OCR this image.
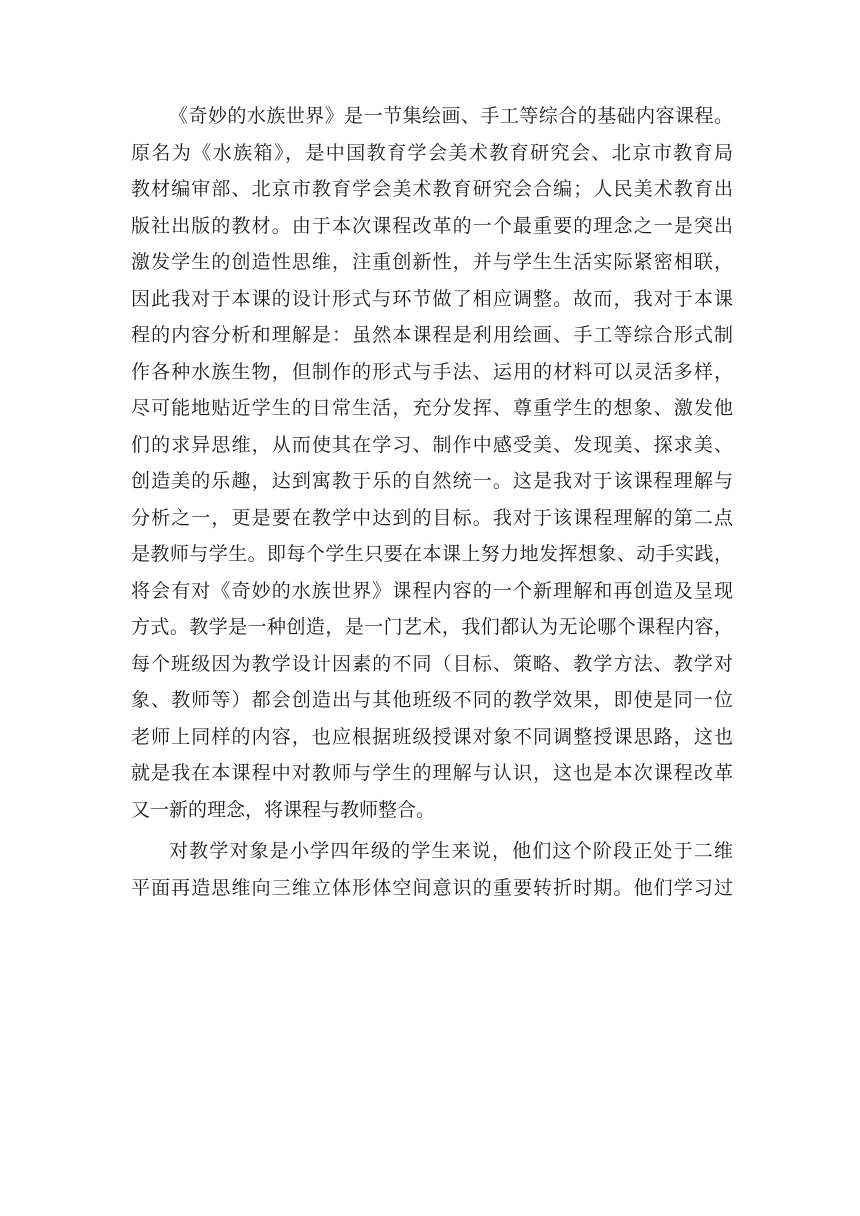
《奇妙的水族世界》是一节集绘画、手工等综合的基础内容课程。
原名为《水族箱》，是中国教育学会美术教育研究会、北京市教育局
教材编审部、北京市教育学会美术教育研究会合编；人民美术教育出
版社出版的教材。由于本次课程改革的一个最重要的理念之一是突出
激发学生的创造性思维，注重创新性，并与学生生活实际紧密相联，
因此我对于本课的设计形式与环节做了相应调整。故而，我对于本课
程的内容分析和理解是：虽然本课程是利用绘画、手工等综合形式制
作各种水族生物，但制作的形式与手法、运用的材料可以灵活多样，
尽可能地贴近学生的日常生活，充分发挥、尊重学生的想象、激发他
们的求异思维，从而使其在学习、制作中感受美、发现美、探求美、
创造美的乐趣，达到寓教于乐的自然统一。这是我对于该课程理解与
分析之一，更是要在教学中达到的目标。我对于该课程理解的第二点
是教师与学生。即每个学生只要在本课上努力地发挥想象、动手实践，
将会有对《奇妙的水族世界》课程内容的一个新理解和再创造及呈现
方式。教学是一种创造，是一门艺术，我们都认为无论哪个课程内容，
每个班级因为教学设计因素的不同（目标、策略、教学方法、教学对
象、教师等）都会创造出与其他班级不同的教学效果，即使是同一位
老师上同样的内容，也应根据班级授课对象不同调整授课思路，这也
就是我在本课程中对教师与学生的理解与认识，这也是本次课程改革
又一新的理念，将课程与教师整合。
对教学对象是小学四年级的学生来说，他们这个阶段正处于二维
平面再造思维向三维立体形体空间意识的重要转折时期。他们学习过
